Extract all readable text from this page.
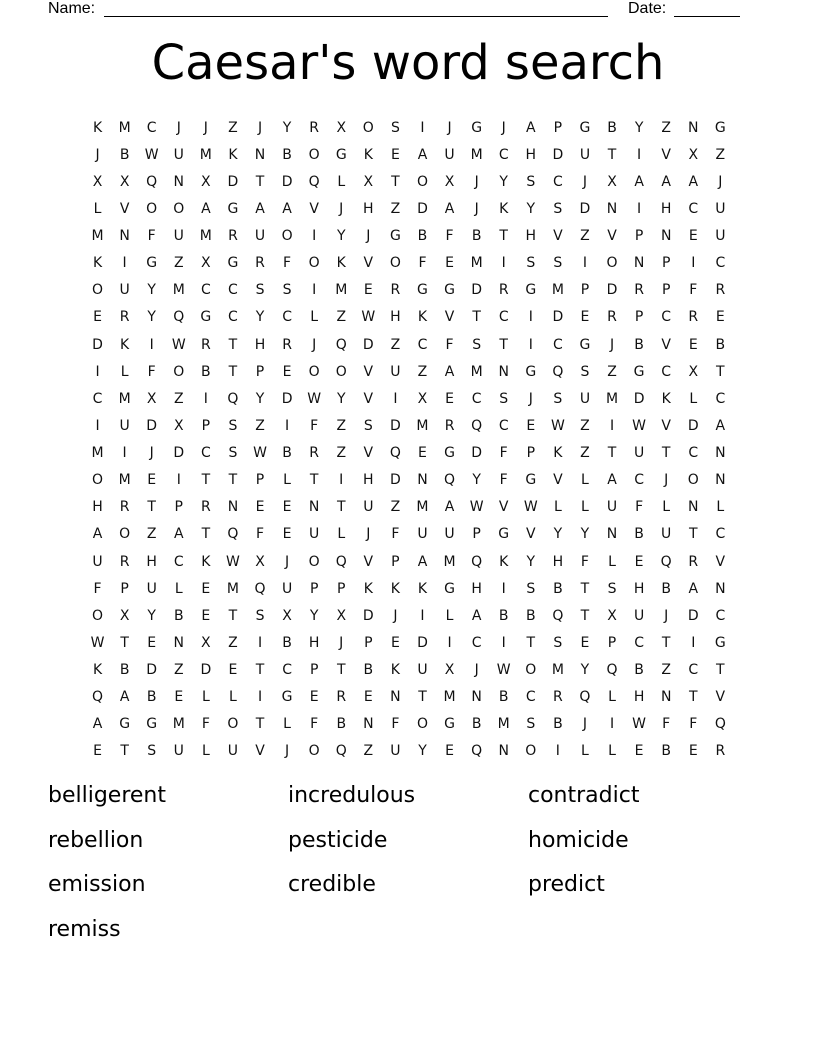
Name:	Date:
Caesar's word search
K	M	C	J	J	Z	J	Y	R	X	O	S	I	J	G	J	A	P	G	B	Y	Z	N	G
J	B	W	U	M	K	N	B	O	G	K	E	A	U	M	C	H	D	U	T	I	V	X	Z
X	X	Q	N	X	D	T	D	Q	L	X	T	O	X	J	Y	S	C	J	X	A	A	A	J
L	V	O	O	A	G	A	A	V	J	H	Z	D	A	J	K	Y	S	D	N	I	H	C	U
M	N	F	U	M	R	U	O	I	Y	J	G	B	F	B	T	H	V	Z	V	P	N	E	U
K	I	G	Z	X	G	R	F	O	K	V	O	F	E	M	I	S	S	I	O	N	P	I	C
O	U	Y	M	C	C	S	S	I	M	E	R	G	G	D	R	G	M	P	D	R	P	F	R
E	R	Y	Q	G	C	Y	C	L	Z	W	H	K	V	T	C	I	D	E	R	P	C	R	E
D	K	I	W	R	T	H	R	J	Q	D	Z	C	F	S	T	I	C	G	J	B	V	E	B
I	L	F	O	B	T	P	E	O	O	V	U	Z	A	M	N	G	Q	S	Z	G	C	X	T
C	M	X	Z	I	Q	Y	D	W	Y	V	I	X	E	C	S	J	S	U	M	D	K	L	C
I	U	D	X	P	S	Z	I	F	Z	S	D	M	R	Q	C	E	W	Z	I	W	V	D	A
M	I	J	D	C	S	W	B	R	Z	V	Q	E	G	D	F	P	K	Z	T	U	T	C	N
O	M	E	I	T	T	P	L	T	I	H	D	N	Q	Y	F	G	V	L	A	C	J	O	N
H	R	T	P	R	N	E	E	N	T	U	Z	M	A	W	V	W	L	L	U	F	L	N	L
A	O	Z	A	T	Q	F	E	U	L	J	F	U	U	P	G	V	Y	Y	N	B	U	T	C
U	R	H	C	K	W	X	J	O	Q	V	P	A	M	Q	K	Y	H	F	L	E	Q	R	V
F	P	U	L	E	M	Q	U	P	P	K	K	K	G	H	I	S	B	T	S	H	B	A	N
O	X	Y	B	E	T	S	X	Y	X	D	J	I	L	A	B	B	Q	T	X	U	J	D	C
W	T	E	N	X	Z	I	B	H	J	P	E	D	I	C	I	T	S	E	P	C	T	I	G
K	B	D	Z	D	E	T	C	P	T	B	K	U	X	J	W	O	M	Y	Q	B	Z	C	T
Q	A	B	E	L	L	I	G	E	R	E	N	T	M	N	B	C	R	Q	L	H	N	T	V
A	G	G	M	F	O	T	L	F	B	N	F	O	G	B	M	S	B	J	I	W	F	F	Q
E	T	S	U	L	U	V	J	O	Q	Z	U	Y	E	Q	N	O	I	L	L	E	B	E	R
belligerent	incredulous	contradict
rebellion	pesticide	homicide
emission	credible	predict
remiss
